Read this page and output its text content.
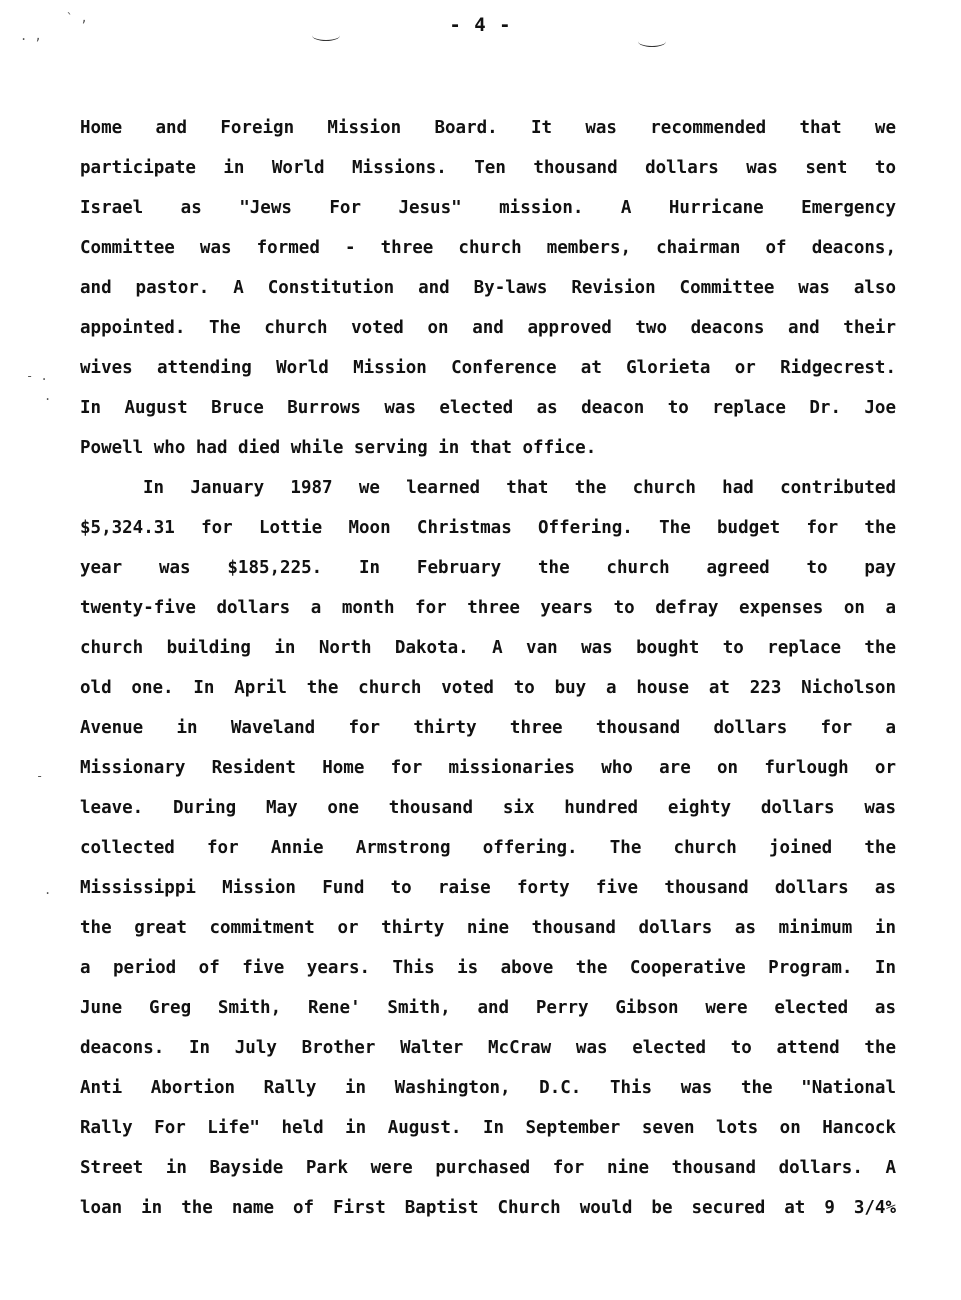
. ,
` ,
- .
.
-
.
- 4 -
Home and Foreign Mission Board. It was recommended that we
participate in World Missions. Ten thousand dollars was sent to
Israel as "Jews For Jesus" mission. A Hurricane Emergency
Committee was formed - three church members, chairman of deacons,
and pastor. A Constitution and By-laws Revision Committee was also
appointed. The church voted on and approved two deacons and their
wives attending World Mission Conference at Glorieta or Ridgecrest.
In August Bruce Burrows was elected as deacon to replace Dr. Joe
Powell who had died while serving in that office.
In January 1987 we learned that the church had contributed
$5,324.31 for Lottie Moon Christmas Offering. The budget for the
year was $185,225. In February the church agreed to pay
twenty-five dollars a month for three years to defray expenses on a
church building in North Dakota. A van was bought to replace the
old one. In April the church voted to buy a house at 223 Nicholson
Avenue in Waveland for thirty three thousand dollars for a
Missionary Resident Home for missionaries who are on furlough or
leave. During May one thousand six hundred eighty dollars was
collected for Annie Armstrong offering. The church joined the
Mississippi Mission Fund to raise forty five thousand dollars as
the great commitment or thirty nine thousand dollars as minimum in
a period of five years. This is above the Cooperative Program. In
June Greg Smith, Rene' Smith, and Perry Gibson were elected as
deacons. In July Brother Walter McCraw was elected to attend the
Anti Abortion Rally in Washington, D.C. This was the "National
Rally For Life" held in August. In September seven lots on Hancock
Street in Bayside Park were purchased for nine thousand dollars. A
loan in the name of First Baptist Church would be secured at 9 3/4%
